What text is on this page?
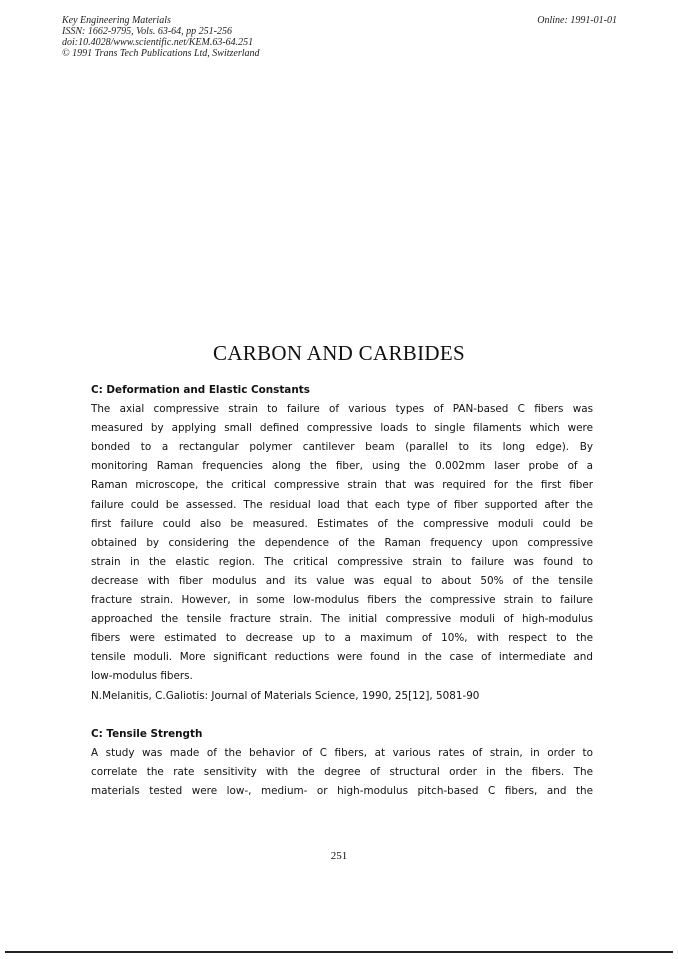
Key Engineering Materials
ISSN: 1662-9795, Vols. 63-64, pp 251-256
doi:10.4028/www.scientific.net/KEM.63-64.251
© 1991 Trans Tech Publications Ltd, Switzerland
Online: 1991-01-01
CARBON AND CARBIDES
C: Deformation and Elastic Constants
The axial compressive strain to failure of various types of PAN-based C fibers was
measured by applying small defined compressive loads to single filaments which were
bonded to a rectangular polymer cantilever beam (parallel to its long edge). By
monitoring Raman frequencies along the fiber, using the 0.002mm laser probe of a
Raman microscope, the critical compressive strain that was required for the first fiber
failure could be assessed. The residual load that each type of fiber supported after the
first failure could also be measured. Estimates of the compressive moduli could be
obtained by considering the dependence of the Raman frequency upon compressive
strain in the elastic region. The critical compressive strain to failure was found to
decrease with fiber modulus and its value was equal to about 50% of the tensile
fracture strain. However, in some low-modulus fibers the compressive strain to failure
approached the tensile fracture strain. The initial compressive moduli of high-modulus
fibers were estimated to decrease up to a maximum of 10%, with respect to the
tensile moduli. More significant reductions were found in the case of intermediate and
low-modulus fibers.
N.Melanitis, C.Galiotis: Journal of Materials Science, 1990, 25[12], 5081-90
C: Tensile Strength
A study was made of the behavior of C fibers, at various rates of strain, in order to
correlate the rate sensitivity with the degree of structural order in the fibers. The
materials tested were low-, medium- or high-modulus pitch-based C fibers, and the
251
